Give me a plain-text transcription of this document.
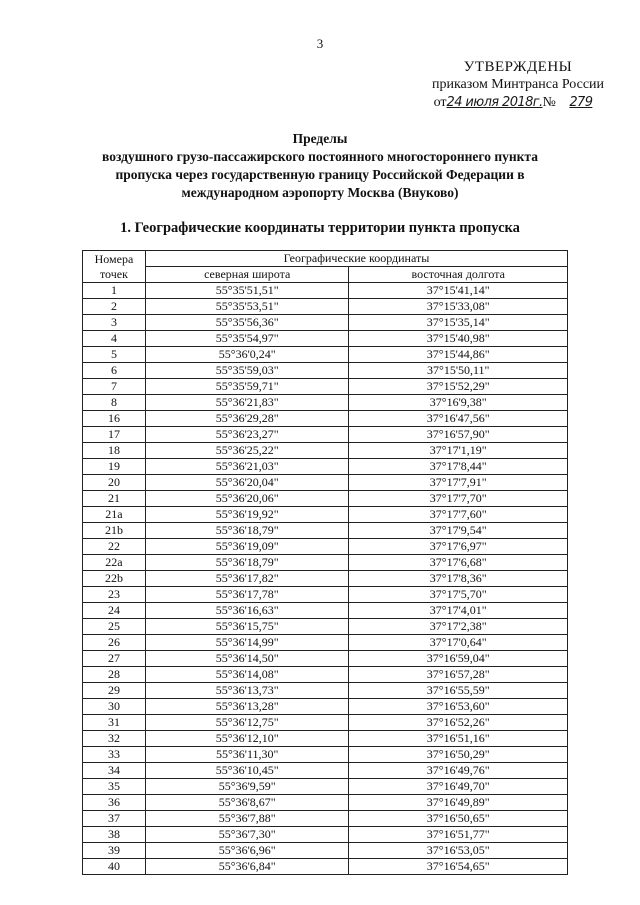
3
УТВЕРЖДЕНЫ
приказом Минтранса России
от24 июля 2018г.№ 279
Пределы
воздушного грузо-пассажирского постоянного многостороннего пункта
пропуска через государственную границу Российской Федерации в
международном аэропорту Москва (Внуково)
1. Географические координаты территории пункта пропуска
Номера
точек	Географические координаты	
	северная широта	восточная долгота
1	55°35'51,51"	37°15'41,14"
2	55°35'53,51"	37°15'33,08"
3	55°35'56,36"	37°15'35,14"
4	55°35'54,97"	37°15'40,98"
5	55°36'0,24"	37°15'44,86"
6	55°35'59,03"	37°15'50,11"
7	55°35'59,71"	37°15'52,29"
8	55°36'21,83"	37°16'9,38"
16	55°36'29,28"	37°16'47,56"
17	55°36'23,27"	37°16'57,90"
18	55°36'25,22"	37°17'1,19"
19	55°36'21,03"	37°17'8,44"
20	55°36'20,04"	37°17'7,91"
21	55°36'20,06"	37°17'7,70"
21a	55°36'19,92"	37°17'7,60"
21b	55°36'18,79"	37°17'9,54"
22	55°36'19,09"	37°17'6,97"
22a	55°36'18,79"	37°17'6,68"
22b	55°36'17,82"	37°17'8,36"
23	55°36'17,78"	37°17'5,70"
24	55°36'16,63"	37°17'4,01"
25	55°36'15,75"	37°17'2,38"
26	55°36'14,99"	37°17'0,64"
27	55°36'14,50"	37°16'59,04"
28	55°36'14,08"	37°16'57,28"
29	55°36'13,73"	37°16'55,59"
30	55°36'13,28"	37°16'53,60"
31	55°36'12,75"	37°16'52,26"
32	55°36'12,10"	37°16'51,16"
33	55°36'11,30"	37°16'50,29"
34	55°36'10,45"	37°16'49,76"
35	55°36'9,59"	37°16'49,70"
36	55°36'8,67"	37°16'49,89"
37	55°36'7,88"	37°16'50,65"
38	55°36'7,30"	37°16'51,77"
39	55°36'6,96"	37°16'53,05"
40	55°36'6,84"	37°16'54,65"
